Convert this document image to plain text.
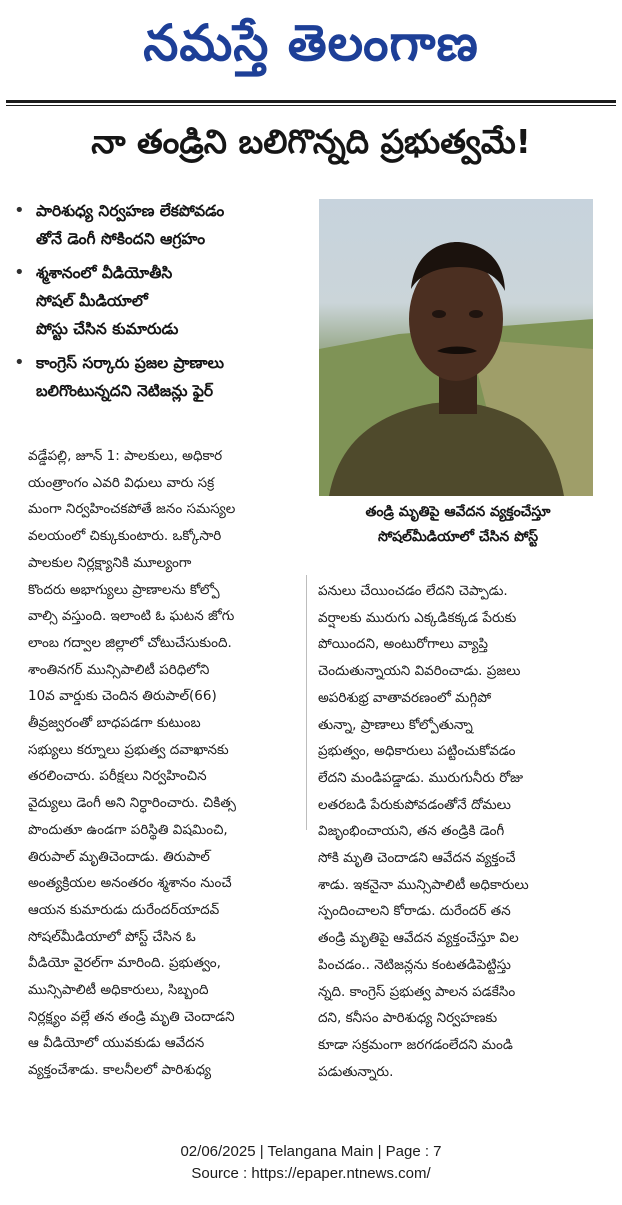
నమస్తే తెలంగాణ
నా తండ్రిని బలిగొన్నది ప్రభుత్వమే!
• పారిశుధ్య నిర్వహణ లేకపోవడం
తోనే డెంగీ సోకిందని ఆగ్రహం
• శ్మశానంలో వీడియోతీసి
సోషల్ మీడియాలో
పోస్టు చేసిన కుమారుడు
• కాంగ్రెస్ సర్కారు ప్రజల ప్రాణాలు
బలిగొంటున్నదని నెటిజన్లు ఫైర్
తండ్రి మృతిపై ఆవేదన వ్యక్తంచేస్తూ
సోషల్‌మీడియాలో చేసిన పోస్ట్
వడ్డేపల్లి, జూన్ 1: పాలకులు, అధికార
యంత్రాంగం ఎవరి విధులు వారు సక్ర
మంగా నిర్వహించకపోతే జనం సమస్యల
వలయంలో చిక్కుకుంటారు. ఒక్కోసారి
పాలకుల నిర్లక్ష్యానికి మూల్యంగా
కొందరు అభాగ్యులు ప్రాణాలను కోల్పో
వాల్సి వస్తుంది. ఇలాంటి ఓ ఘటన జోగు
లాంబ గద్వాల జిల్లాలో చోటుచేసుకుంది.
శాంతినగర్ మున్సిపాలిటీ పరిధిలోని
10వ వార్డుకు చెందిన తిరుపాల్(66)
తీవ్రజ్వరంతో బాధపడగా కుటుంబ
సభ్యులు కర్నూలు ప్రభుత్వ దవాఖానకు
తరలించారు. పరీక్షలు నిర్వహించిన
వైద్యులు డెంగీ అని నిర్ధారించారు. చికిత్స
పొందుతూ ఉండగా పరిస్థితి విషమించి,
తిరుపాల్ మృతిచెందాడు. తిరుపాల్
అంత్యక్రియల అనంతరం శ్మశానం నుంచే
ఆయన కుమారుడు దురేందర్‌యాదవ్
సోషల్‌మీడియాలో పోస్ట్ చేసిన ఓ
వీడియో వైరల్‌గా మారింది. ప్రభుత్వం,
మున్సిపాలిటీ అధికారులు, సిబ్బంది
నిర్లక్ష్యం వల్లే తన తండ్రి మృతి చెందాడని
ఆ వీడియోలో యువకుడు ఆవేదన
వ్యక్తంచేశాడు. కాలనీలలో పారిశుధ్య
పనులు చేయించడం లేదని చెప్పాడు.
వర్షాలకు మురుగు ఎక్కడికక్కడ పేరుకు
పోయిందని, అంటురోగాలు వ్యాప్తి
చెందుతున్నాయని వివరించాడు. ప్రజలు
అపరిశుభ్ర వాతావరణంలో మగ్గిపో
తున్నా, ప్రాణాలు కోల్పోతున్నా
ప్రభుత్వం, అధికారులు పట్టించుకోవడం
లేదని మండిపడ్డాడు. మురుగునీరు రోజు
లతరబడి పేరుకుపోవడంతోనే దోమలు
విజృంభించాయని, తన తండ్రికి డెంగీ
సోకి మృతి చెందాడని ఆవేదన వ్యక్తంచే
శాడు. ఇకనైనా మున్సిపాలిటీ అధికారులు
స్పందించాలని కోరాడు. దురేందర్ తన
తండ్రి మృతిపై ఆవేదన వ్యక్తంచేస్తూ విల
పించడం.. నెటిజన్లను కంటతడిపెట్టిస్తు
న్నది. కాంగ్రెస్ ప్రభుత్వ పాలన పడకేసిం
దని, కనీసం పారిశుధ్య నిర్వహణకు
కూడా సక్రమంగా జరగడంలేదని మండి
పడుతున్నారు.
02/06/2025 | Telangana Main | Page : 7
Source : https://epaper.ntnews.com/
